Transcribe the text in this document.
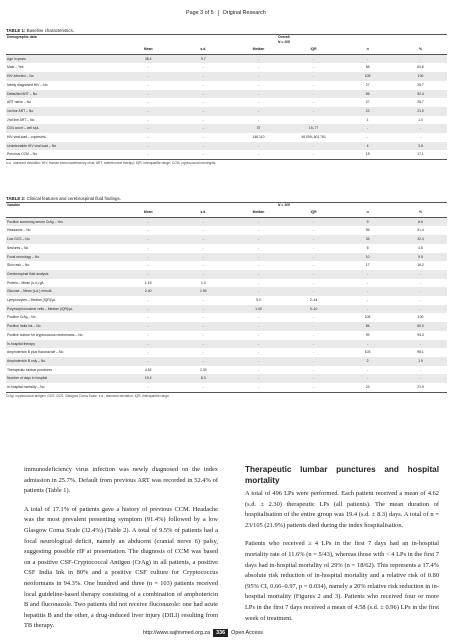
Page 3 of 5	Original Research
TABLE 1: Baseline characteristics.
Demographic data	Overall					
	N = 105					
	Mean	s.d.	Median	IQR	n	%
Age in years	38.4	9.7	-	-	-	-
Male – Yes	-	-	-	-	68	64.8
HIV infected – No	-	-	-	-	105	100
Newly diagnosed HIV – No	-	-	-	-	27	25.7
Defaulted ART – No	-	-	-	-	55	52.4
ART naïve – No	-	-	-	-	27	25.7
1st line ART – No	-	-	-	-	22	21.0
2nd line ART – No	-	-	-	-	1	1.0
CD4 count – cell s/µL	-	-	37	19–77	-	-
HIV viral load – copies/mL	-	-	146 110	46 099–501 761	-	-
Undetectable HIV viral load – No	-	-	-	-	4	3.8
Previous CCM – No	-	-	-	-	18	17.1
s.d., standard deviation; HIV, human immunodeficiency virus; ART, antiretroviral therapy; IQR, interquartile range; CCM, cryptococcal meningitis.
TABLE 2: Clinical features and cerebrospinal fluid findings.
Variable	N = 105					
	Mean	s.d.	Median	IQR	n	%
Positive screening serum CrAg – Yes	-	-	-	-	9	8.6
Headache – No	-	-	-	-	96	91.4
Low GCS – No	-	-	-	-	34	32.4
Seizures – No	-	-	-	-	5	4.8
Focal neurology – No	-	-	-	-	10	9.5
Skin rash – No	-	-	-	-	17	16.2
Cerebrospinal fluid analysis	-	-	-	-	-	-
Protein – Mean (s.d.) g/L	1.15	1.0	-	-	-	-
Glucose – Mean (s.d.) mmol/L	2.40	1.50	-	-	-	-
Lymphocytes – Median (IQR)/µL	-	-	9.0	2–44	-	-
Polymorphonuclear cells – Median (IQR)/µL	-	-	1.00	0–10	-	-
Positive CrAg – No	-	-	-	-	105	100
Positive India ink – No	-	-	-	-	84	80.0
Positive culture for cryptococcus neoformans – No	-	-	-	-	99	94.3
In-hospital therapy	-	-	-	-	-	-
Amphotericin B plus fluconazole – No	-	-	-	-	103	98.1
Amphotericin B only – No	-	-	-	-	2	1.9
Therapeutic lumbar punctures	4.62	2.30	-	-	-	-
Number of days in hospital	19.4	8.3	-	-	-	-
In-hospital mortality – No	-	-	-	-	23	21.9
CrAg, cryptococcal antigen; GCS, GCS, Glasgow Coma Scale; s.d., standard deviation; IQR, interquartile range.

immunodeficiency virus infection was newly diagnosed on the index admission in 25.7%. Default from previous ART was recorded in 52.4% of patients (Table 1).

A total of 17.1% of patients gave a history of previous CCM. Headache was the most prevalent presenting symptom (91.4%) followed by a low Glasgow Coma Scale (32.4%) (Table 2). A total of 9.5% of patients had a focal neurological deficit, namely an abducent (cranial nerve 6) palsy, suggesting possible rIP at presentation. The diagnosis of CCM was based on a positive CSF-Cryptococcal Antigen (CrAg) in all patients, a positive CSF India Ink in 80% and a positive CSF culture for Cryptococcus neoformans in 94.3%. One hundred and three (n = 103) patients received local guideline-based therapy consisting of a combination of amphotericin B and fluconazole. Two patients did not receive fluconazole: one had acute hepatitis B and the other, a drug-induced liver injury (DILI) resulting from TB therapy.

Therapeutic lumbar punctures and hospital mortality

A total of 496 LPs were performed. Each patient received a mean of 4.62 (s.d. ± 2.30) therapeutic LPs (all patients). The mean duration of hospitalisation of the entire group was 19.4 (s.d. ± 8.3) days. A total of n = 23/105 (21.9%) patients died during the index hospitalisation.

Patients who received ≥ 4 LPs in the first 7 days had an in-hospital mortality rate of 11.6% (n = 5/43), whereas those with < 4 LPs in the first 7 days had in-hospital mortality of 29% (n = 18/62). This represents a 17.4% absolute risk reduction of in-hospital mortality and a relative risk of 0.80 (95% CI, 0.66–0.97, p = 0.034), namely a 20% relative risk reduction in in-hospital mortality (Figures 2 and 3). Patients who received four or more LPs in the first 7 days received a mean of 4.58 (s.d. ± 0.96) LPs in the first week of treatment.

http://www.sajhivmed.org.za	336	Open Access
